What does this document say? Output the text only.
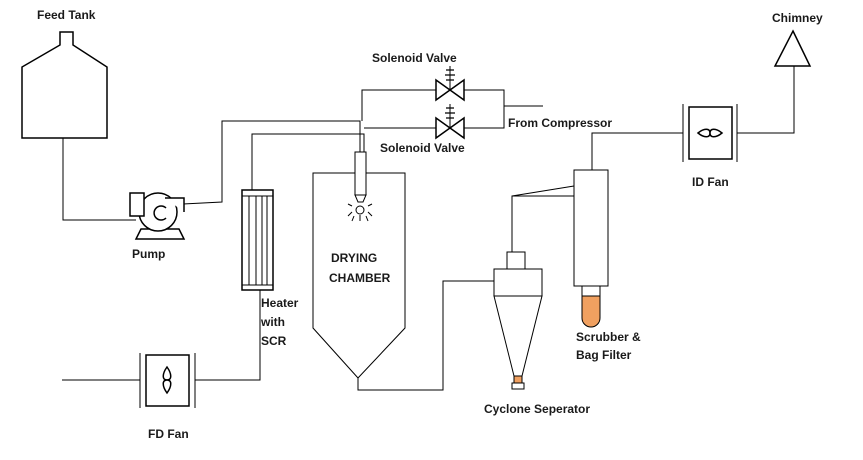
Feed Tank
Pump
Heater
with
SCR
FD Fan
Solenoid Valve
Solenoid Valve
From Compressor
DRYING
CHAMBER
Cyclone Seperator
Scrubber &
Bag Filter
ID Fan
Chimney
